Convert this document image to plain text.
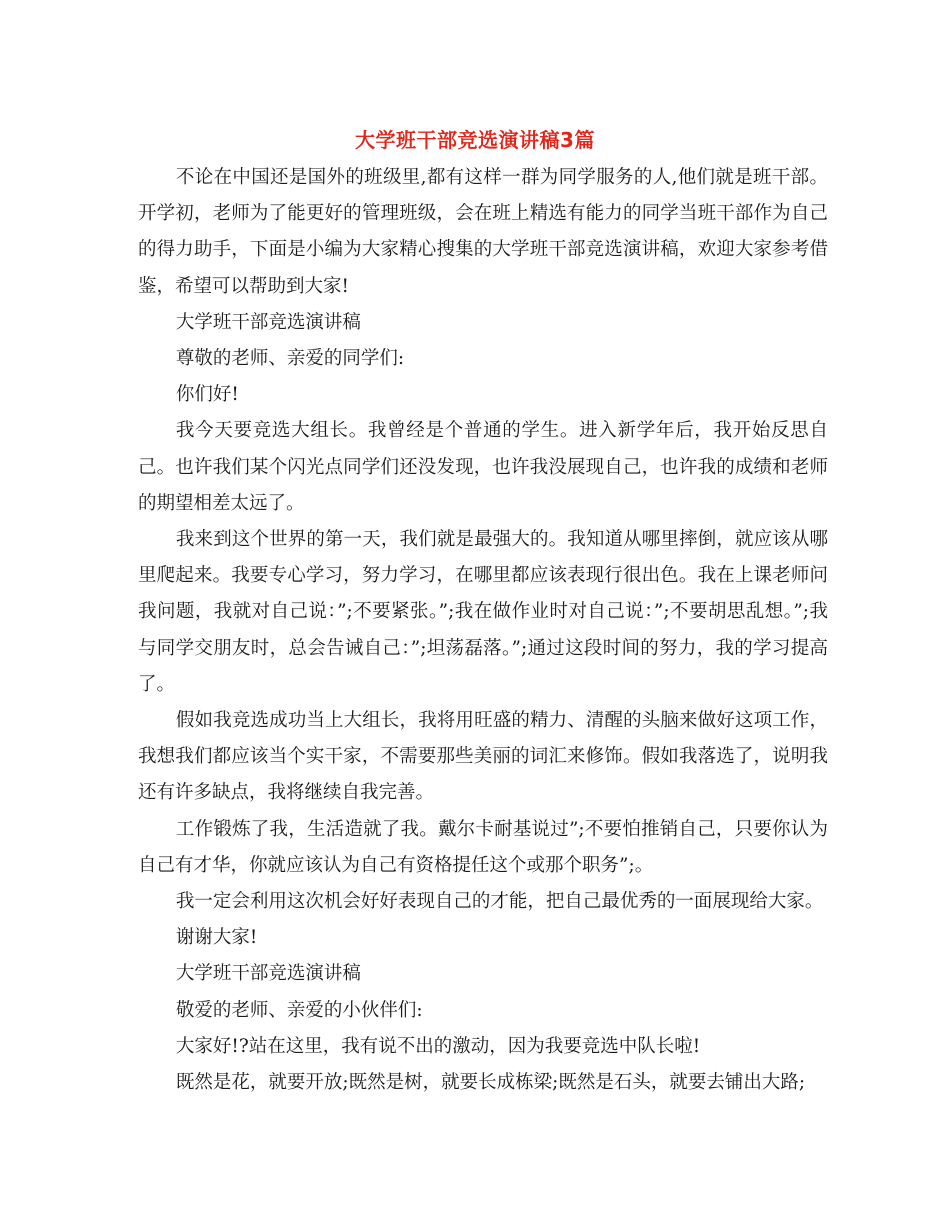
大学班干部竞选演讲稿3篇

不论在中国还是国外的班级里,都有这样一群为同学服务的人,他们就是班干部。开学初，老师为了能更好的管理班级，会在班上精选有能力的同学当班干部作为自己的得力助手，下面是小编为大家精心搜集的大学班干部竞选演讲稿，欢迎大家参考借鉴，希望可以帮助到大家!

大学班干部竞选演讲稿

尊敬的老师、亲爱的同学们:

你们好!

我今天要竞选大组长。我曾经是个普通的学生。进入新学年后，我开始反思自己。也许我们某个闪光点同学们还没发现，也许我没展现自己，也许我的成绩和老师的期望相差太远了。

我来到这个世界的第一天，我们就是最强大的。我知道从哪里摔倒，就应该从哪里爬起来。我要专心学习，努力学习，在哪里都应该表现行很出色。我在上课老师问我问题，我就对自己说：”;不要紧张。”;我在做作业时对自己说：”;不要胡思乱想。”;我与同学交朋友时，总会告诫自己：”;坦荡磊落。”;通过这段时间的努力，我的学习提高了。

假如我竞选成功当上大组长，我将用旺盛的精力、清醒的头脑来做好这项工作，我想我们都应该当个实干家，不需要那些美丽的词汇来修饰。假如我落选了，说明我还有许多缺点，我将继续自我完善。

工作锻炼了我，生活造就了我。戴尔卡耐基说过”;不要怕推销自己，只要你认为自己有才华，你就应该认为自己有资格提任这个或那个职务”;。

我一定会利用这次机会好好表现自己的才能，把自己最优秀的一面展现给大家。

谢谢大家!

大学班干部竞选演讲稿

敬爱的老师、亲爱的小伙伴们:

大家好!?站在这里，我有说不出的激动，因为我要竞选中队长啦!

既然是花，就要开放;既然是树，就要长成栋梁;既然是石头，就要去铺出大路;
